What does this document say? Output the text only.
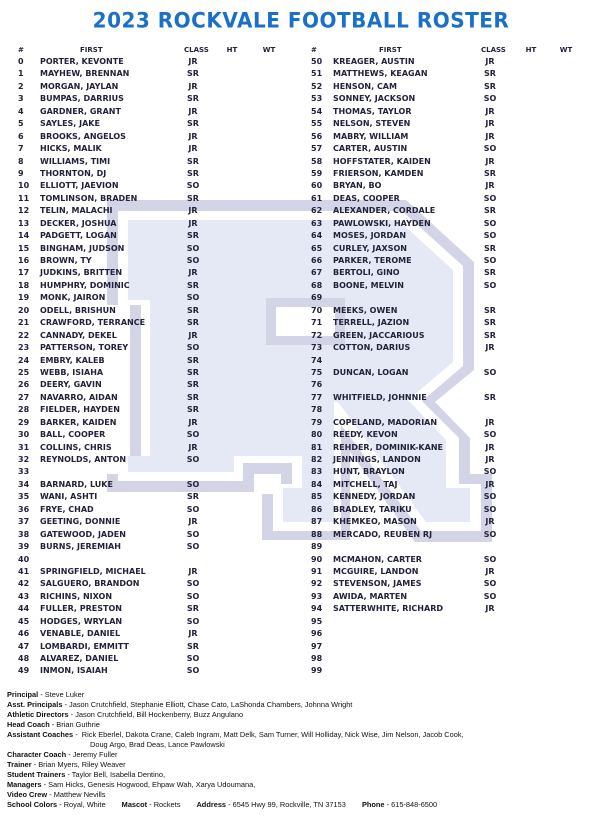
2023 ROCKVALE FOOTBALL ROSTER
#	FIRST	CLASS	HT	WT
0	PORTER, KEVONTE	JR
1	MAYHEW, BRENNAN	SR
2	MORGAN, JAYLAN	JR
3	BUMPAS, DARRIUS	SR
4	GARDNER, GRANT	JR
5	SAYLES, JAKE	SR
6	BROOKS, ANGELOS	JR
7	HICKS, MALIK	JR
8	WILLIAMS, TIMI	SR
9	THORNTON, DJ	SR
10	ELLIOTT, JAEVION	SO
11	TOMLINSON, BRADEN	SR
12	TELIN, MALACHI	JR
13	DECKER, JOSHUA	JR
14	PADGETT, LOGAN	SR
15	BINGHAM, JUDSON	SO
16	BROWN, TY	SO
17	JUDKINS, BRITTEN	JR
18	HUMPHRY, DOMINIC	SR
19	MONK, JAIRON	SO
20	ODELL, BRISHUN	SR
21	CRAWFORD, TERRANCE	SR
22	CANNADY, DEKEL	JR
23	PATTERSON, TOREY	SO
24	EMBRY, KALEB	SR
25	WEBB, ISIAHA	SR
26	DEERY, GAVIN	SR
27	NAVARRO, AIDAN	SR
28	FIELDER, HAYDEN	SR
29	BARKER, KAIDEN	JR
30	BALL, COOPER	SO
31	COLLINS, CHRIS	JR
32	REYNOLDS, ANTON	SO
33
34	BARNARD, LUKE	SO
35	WANI, ASHTI	SR
36	FRYE, CHAD	SO
37	GEETING, DONNIE	JR
38	GATEWOOD, JADEN	SO
39	BURNS, JEREMIAH	SO
40
41	SPRINGFIELD, MICHAEL	JR
42	SALGUERO, BRANDON	SO
43	RICHINS, NIXON	SO
44	FULLER, PRESTON	SR
45	HODGES, WRYLAN	SO
46	VENABLE, DANIEL	JR
47	LOMBARDI, EMMITT	SR
48	ALVAREZ, DANIEL	SO
49	INMON, ISAIAH	SO
#	FIRST	CLASS	HT	WT
50	KREAGER, AUSTIN	JR
51	MATTHEWS, KEAGAN	SR
52	HENSON, CAM	SR
53	SONNEY, JACKSON	SO
54	THOMAS, TAYLOR	JR
55	NELSON, STEVEN	JR
56	MABRY, WILLIAM	JR
57	CARTER, AUSTIN	SO
58	HOFFSTATER, KAIDEN	JR
59	FRIERSON, KAMDEN	SR
60	BRYAN, BO	JR
61	DEAS, COOPER	SO
62	ALEXANDER, CORDALE	SR
63	PAWLOWSKI, HAYDEN	SO
64	MOSES, JORDAN	SO
65	CURLEY, JAXSON	SR
66	PARKER, TEROME	SO
67	BERTOLI, GINO	SR
68	BOONE, MELVIN	SO
69
70	MEEKS, OWEN	SR
71	TERRELL, JAZION	SR
72	GREEN, JACCARIOUS	SR
73	COTTON, DARIUS	JR
74
75	DUNCAN, LOGAN	SO
76
77	WHITFIELD, JOHNNIE	SR
78
79	COPELAND, MADORIAN	JR
80	REEDY, KEVON	SO
81	REHDER, DOMINIK-KANE	JR
82	JENNINGS, LANDON	JR
83	HUNT, BRAYLON	SO
84	MITCHELL, TAJ	JR
85	KENNEDY, JORDAN	SO
86	BRADLEY, TARIKU	SO
87	KHEMKEO, MASON	JR
88	MERCADO, REUBEN RJ	SO
89
90	MCMAHON, CARTER	SO
91	MCGUIRE, LANDON	JR
92	STEVENSON, JAMES	SO
93	AWIDA, MARTEN	SO
94	SATTERWHITE, RICHARD	JR
95
96
97
98
99
Principal - Steve Luker
Asst. Principals - Jason Crutchfield, Stephanie Elliott, Chase Cato, LaShonda Chambers, Johnna Wright
Athletic Directors - Jason Crutchfield, Bill Hockenberry, Buzz Angulano
Head Coach - Brian Guthrie
Assistant Coaches -  Rick Eberlel, Dakota Crane, Caleb Ingram, Matt Delk, Sam Turner, Will Holliday, Nick Wise, Jim Nelson, Jacob Cook,
Doug Argo, Brad Deas, Lance Pawlowski
Character Coach - Jeremy Fuller
Trainer - Brian Myers, Riley Weaver
Student Trainers - Taylor Bell, Isabella Dentino,
Managers - Sam Hicks, Genesis Hogwood, Ehpaw Wah, Xarya Udoumana,
Video Crew - Matthew Nevills
School Colors - Royal, White Mascot - Rockets Address - 6545 Hwy 99, Rockville, TN 37153 Phone - 615-848-6500
